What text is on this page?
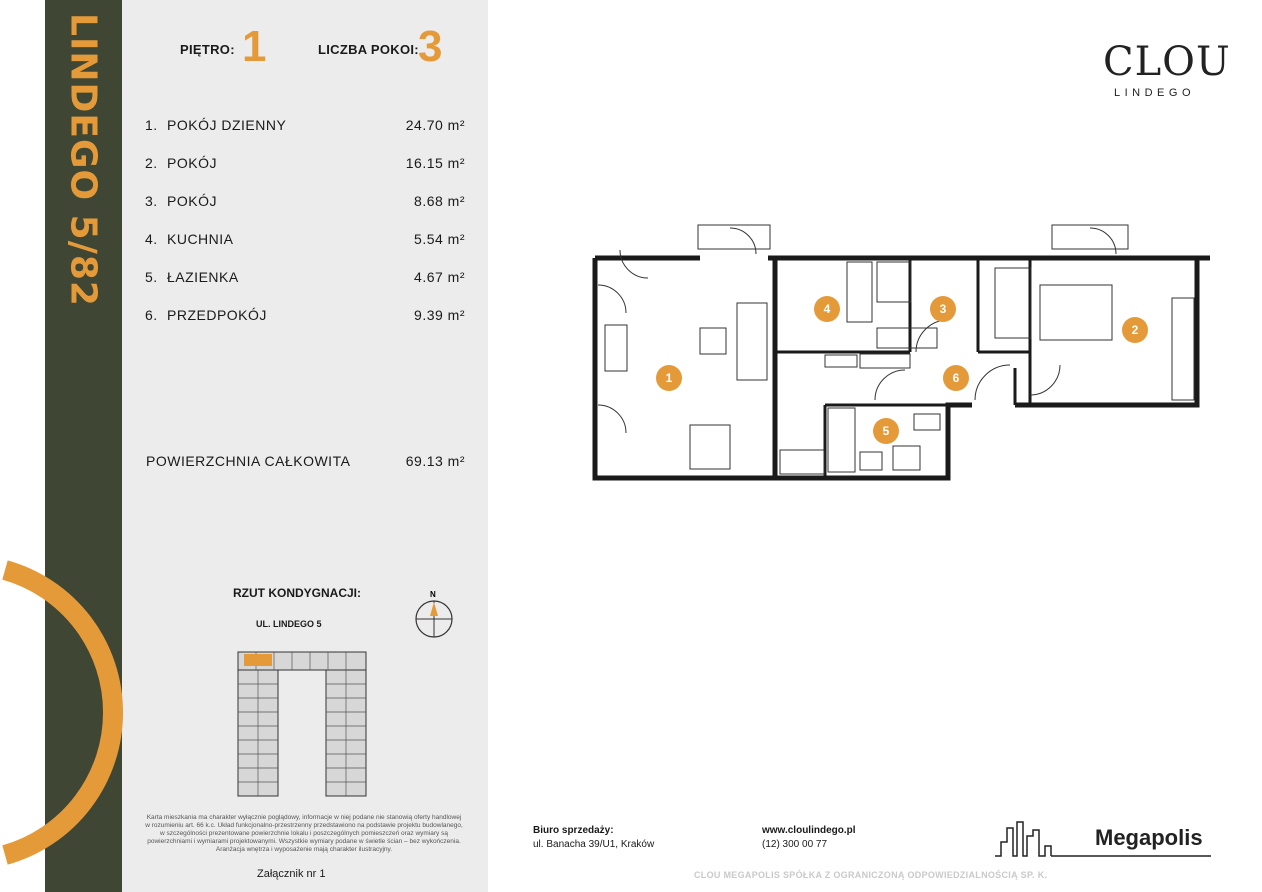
LINDEGO 5/82	PIĘTRO: 1	LICZBA POKOI: 3
1. POKÓJ DZIENNY	24.70 m²
2. POKÓJ	16.15 m²
3. POKÓJ	8.68 m²
4. KUCHNIA	5.54 m²
5. ŁAZIENKA	4.67 m²
6. PRZEDPOKÓJ	9.39 m²
POWIERZCHNIA CAŁKOWITA	69.13 m²
RZUT KONDYGNACJI:
UL. LINDEGO 5
N
Karta mieszkania ma charakter wyłącznie poglądowy, informacje w niej podane nie stanowią oferty handlowej w rozumieniu art. 66 k.c. Układ funkcjonalno-przestrzenny przedstawiono na podstawie projektu budowlanego, w szczególności prezentowane powierzchnie lokalu i poszczególnych pomieszczeń oraz wymiary są powierzchniami i wymiarami projektowanymi. Wszystkie wymiary podane w świetle ścian – bez wykończenia. Aranżacja wnętrza i wyposażenie mają charakter ilustracyjny.
Załącznik nr 1
CLOU
LINDEGO
1
2
3
4
5
6
Biuro sprzedaży:
ul. Banacha 39/U1, Kraków
www.cloulindego.pl
(12) 300 00 77	Megapolis
CLOU MEGAPOLIS SPÓŁKA Z OGRANICZONĄ ODPOWIEDZIALNOŚCIĄ SP. K.
